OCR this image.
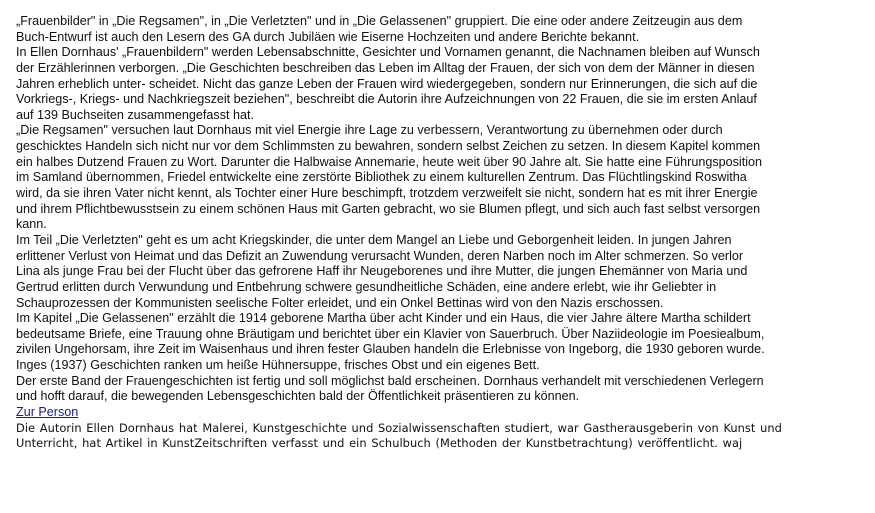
„Frauenbilder" in „Die Regsamen", in „Die Verletzten" und in „Die Gelassenen" gruppiert. Die eine oder andere Zeitzeugin aus dem
Buch-Entwurf ist auch den Lesern des GA durch Jubiläen wie Eiserne Hochzeiten und andere Berichte bekannt.
In Ellen Dornhaus' „Frauenbildern" werden Lebensabschnitte, Gesichter und Vornamen genannt, die Nachnamen bleiben auf Wunsch
der Erzählerinnen verborgen. „Die Geschichten beschreiben das Leben im Alltag der Frauen, der sich von dem der Männer in diesen
Jahren erheblich unter- scheidet. Nicht das ganze Leben der Frauen wird wiedergegeben, sondern nur Erinnerungen, die sich auf die
Vorkriegs-, Kriegs- und Nachkriegszeit beziehen", beschreibt die Autorin ihre Aufzeichnungen von 22 Frauen, die sie im ersten Anlauf
auf 139 Buchseiten zusammengefasst hat.
„Die Regsamen" versuchen laut Dornhaus mit viel Energie ihre Lage zu verbessern, Verantwortung zu übernehmen oder durch
geschicktes Handeln sich nicht nur vor dem Schlimmsten zu bewahren, sondern selbst Zeichen zu setzen. In diesem Kapitel kommen
ein halbes Dutzend Frauen zu Wort. Darunter die Halbwaise Annemarie, heute weit über 90 Jahre alt. Sie hatte eine Führungsposition
im Samland übernommen, Friedel entwickelte eine zerstörte Bibliothek zu einem kulturellen Zentrum. Das Flüchtlingskind Roswitha
wird, da sie ihren Vater nicht kennt, als Tochter einer Hure beschimpft, trotzdem verzweifelt sie nicht, sondern hat es mit ihrer Energie
und ihrem Pflichtbewusstsein zu einem schönen Haus mit Garten gebracht, wo sie Blumen pflegt, und sich auch fast selbst versorgen
kann.
Im Teil „Die Verletzten" geht es um acht Kriegskinder, die unter dem Mangel an Liebe und Geborgenheit leiden. In jungen Jahren
erlittener Verlust von Heimat und das Defizit an Zuwendung verursacht Wunden, deren Narben noch im Alter schmerzen. So verlor
Lina als junge Frau bei der Flucht über das gefrorene Haff ihr Neugeborenes und ihre Mutter, die jungen Ehemänner von Maria und
Gertrud erlitten durch Verwundung und Entbehrung schwere gesundheitliche Schäden, eine andere erlebt, wie ihr Geliebter in
Schauprozessen der Kommunisten seelische Folter erleidet, und ein Onkel Bettinas wird von den Nazis erschossen.
Im Kapitel „Die Gelassenen" erzählt die 1914 geborene Martha über acht Kinder und ein Haus, die vier Jahre ältere Martha schildert
bedeutsame Briefe, eine Trauung ohne Bräutigam und berichtet über ein Klavier von Sauerbruch. Über Naziideologie im Poesiealbum,
zivilen Ungehorsam, ihre Zeit im Waisenhaus und ihren fester Glauben handeln die Erlebnisse von Ingeborg, die 1930 geboren wurde.
Inges (1937) Geschichten ranken um heiße Hühnersuppe, frisches Obst und ein eigenes Bett.
Der erste Band der Frauengeschichten ist fertig und soll möglichst bald erscheinen. Dornhaus verhandelt mit verschiedenen Verlegern
und hofft darauf, die bewegenden Lebensgeschichten bald der Öffentlichkeit präsentieren zu können.
Zur Person
Die Autorin Ellen Dornhaus hat Malerei, Kunstgeschichte und Sozialwissenschaften studiert, war Gastherausgeberin von Kunst und
Unterricht, hat Artikel in KunstZeitschriften verfasst und ein Schulbuch (Methoden der Kunstbetrachtung) veröffentlicht. waj
